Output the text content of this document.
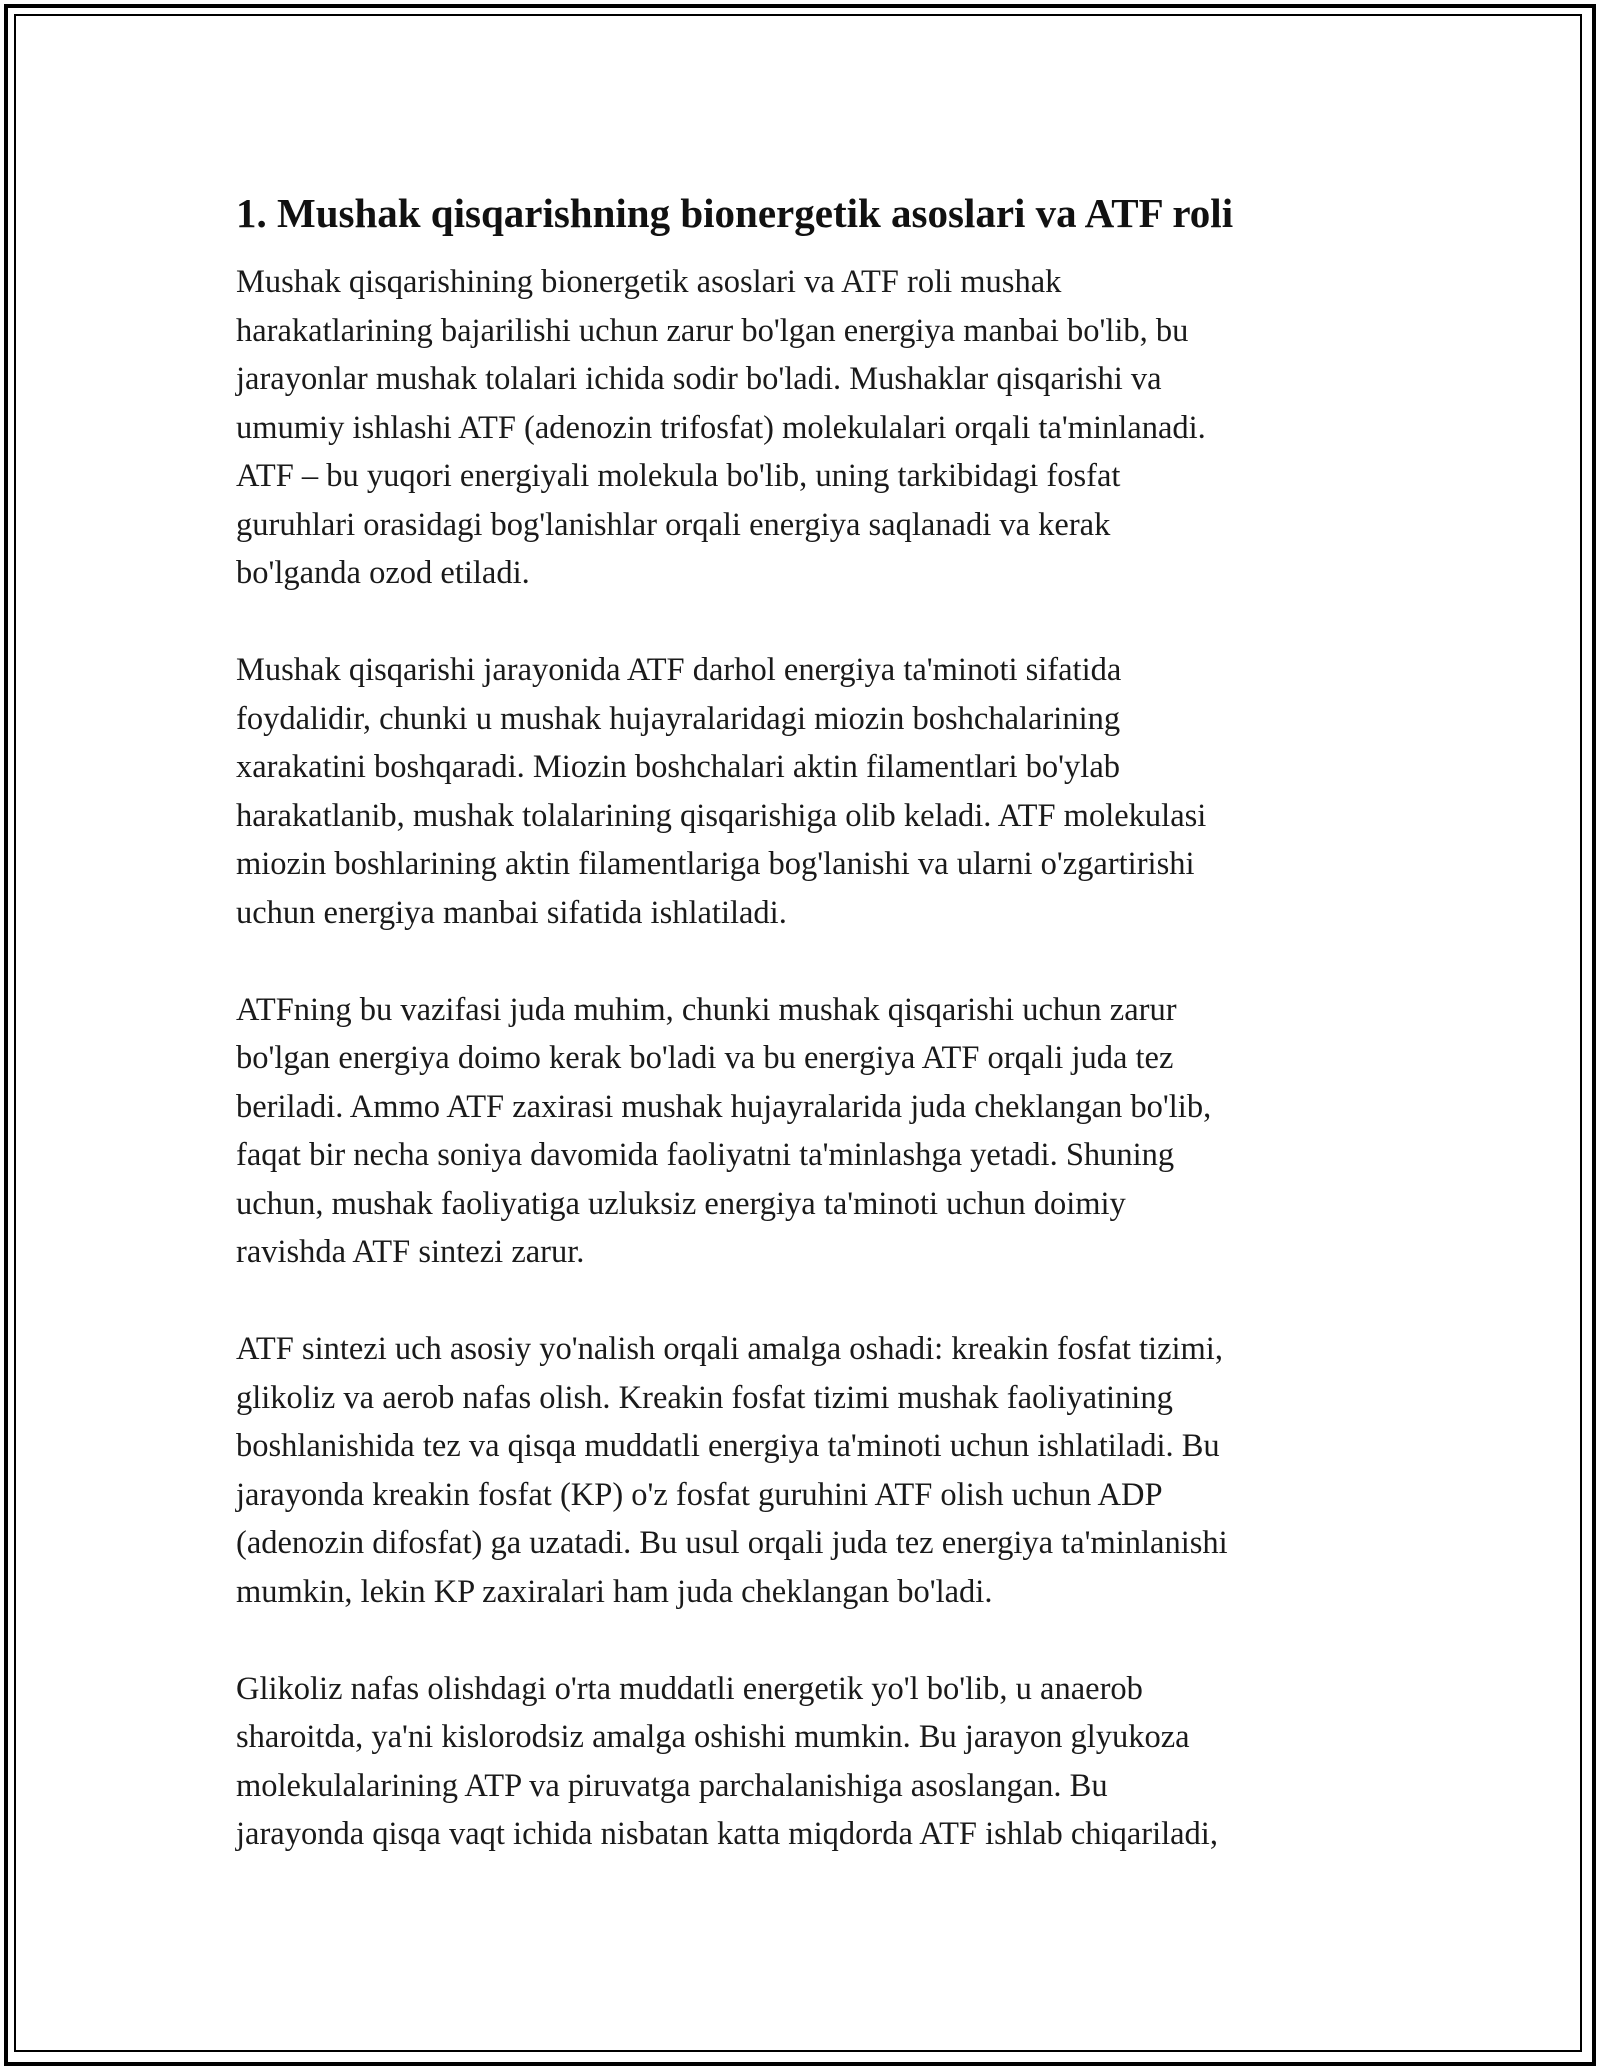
1. Mushak qisqarishning bionergetik asoslari va ATF roli

Mushak qisqarishining bionergetik asoslari va ATF roli mushak
harakatlarining bajarilishi uchun zarur bo'lgan energiya manbai bo'lib, bu
jarayonlar mushak tolalari ichida sodir bo'ladi. Mushaklar qisqarishi va
umumiy ishlashi ATF (adenozin trifosfat) molekulalari orqali ta'minlanadi.
ATF – bu yuqori energiyali molekula bo'lib, uning tarkibidagi fosfat
guruhlari orasidagi bog'lanishlar orqali energiya saqlanadi va kerak
bo'lganda ozod etiladi.

Mushak qisqarishi jarayonida ATF darhol energiya ta'minoti sifatida
foydalidir, chunki u mushak hujayralaridagi miozin boshchalarining
xarakatini boshqaradi. Miozin boshchalari aktin filamentlari bo'ylab
harakatlanib, mushak tolalarining qisqarishiga olib keladi. ATF molekulasi
miozin boshlarining aktin filamentlariga bog'lanishi va ularni o'zgartirishi
uchun energiya manbai sifatida ishlatiladi.

ATFning bu vazifasi juda muhim, chunki mushak qisqarishi uchun zarur
bo'lgan energiya doimo kerak bo'ladi va bu energiya ATF orqali juda tez
beriladi. Ammo ATF zaxirasi mushak hujayralarida juda cheklangan bo'lib,
faqat bir necha soniya davomida faoliyatni ta'minlashga yetadi. Shuning
uchun, mushak faoliyatiga uzluksiz energiya ta'minoti uchun doimiy
ravishda ATF sintezi zarur.

ATF sintezi uch asosiy yo'nalish orqali amalga oshadi: kreakin fosfat tizimi,
glikoliz va aerob nafas olish. Kreakin fosfat tizimi mushak faoliyatining
boshlanishida tez va qisqa muddatli energiya ta'minoti uchun ishlatiladi. Bu
jarayonda kreakin fosfat (KP) o'z fosfat guruhini ATF olish uchun ADP
(adenozin difosfat) ga uzatadi. Bu usul orqali juda tez energiya ta'minlanishi
mumkin, lekin KP zaxiralari ham juda cheklangan bo'ladi.

Glikoliz nafas olishdagi o'rta muddatli energetik yo'l bo'lib, u anaerob
sharoitda, ya'ni kislorodsiz amalga oshishi mumkin. Bu jarayon glyukoza
molekulalarining ATP va piruvatga parchalanishiga asoslangan. Bu
jarayonda qisqa vaqt ichida nisbatan katta miqdorda ATF ishlab chiqariladi,
